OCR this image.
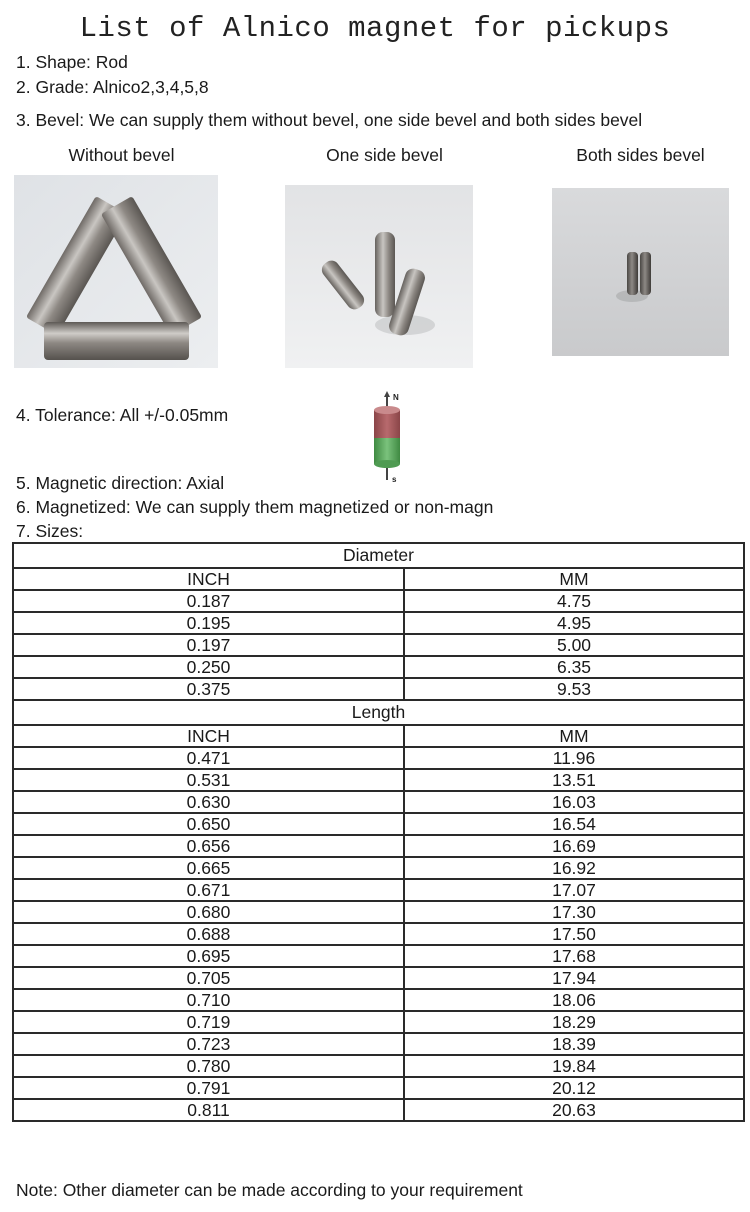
List of Alnico magnet for pickups
1. Shape: Rod
2. Grade: Alnico2,3,4,5,8
3. Bevel: We can supply them without bevel, one side bevel and both sides bevel
Without bevel	One side bevel	Both sides bevel
4. Tolerance: All +/-0.05mm
N
s
5. Magnetic direction: Axial
6. Magnetized: We can supply them magnetized or non-magn
7. Sizes:
Diameter	
INCH	MM
0.187	4.75
0.195	4.95
0.197	5.00
0.250	6.35
0.375	9.53
Length	
INCH	MM
0.471	11.96
0.531	13.51
0.630	16.03
0.650	16.54
0.656	16.69
0.665	16.92
0.671	17.07
0.680	17.30
0.688	17.50
0.695	17.68
0.705	17.94
0.710	18.06
0.719	18.29
0.723	18.39
0.780	19.84
0.791	20.12
0.811	20.63
Note: Other diameter can be made according to your requirement
